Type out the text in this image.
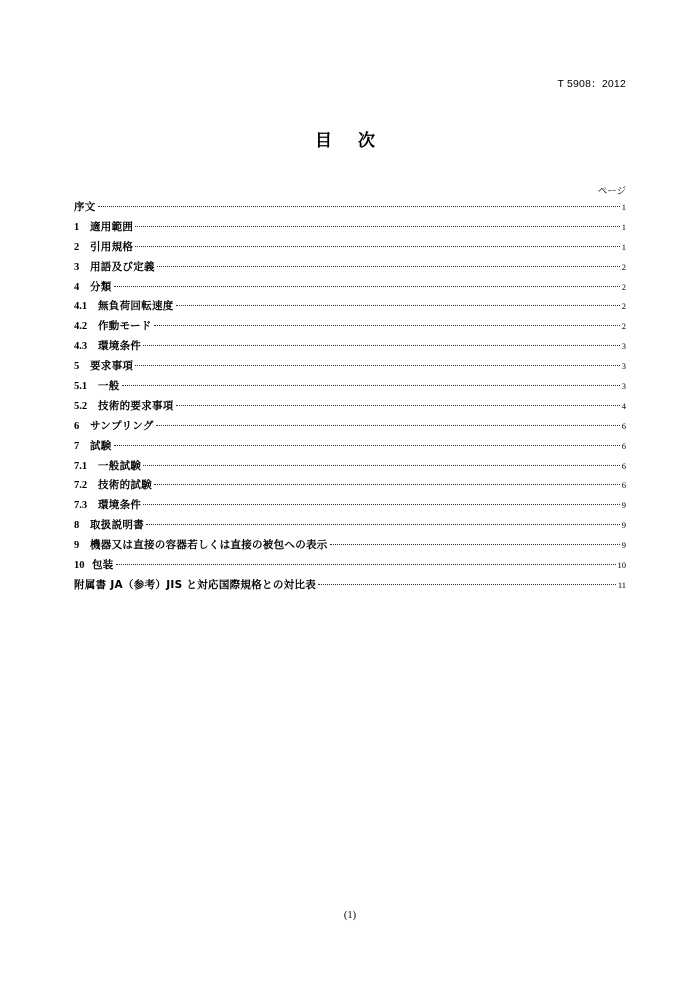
T 5908：2012
目 次
ページ
序文	1
1	適用範囲	1
2	引用規格	1
3	用語及び定義	2
4	分類	2
4.1	無負荷回転速度	2
4.2	作動モード	2
4.3	環境条件	3
5	要求事項	3
5.1	一般	3
5.2	技術的要求事項	4
6	サンプリング	6
7	試験	6
7.1	一般試験	6
7.2	技術的試験	6
7.3	環境条件	9
8	取扱説明書	9
9	機器又は直接の容器若しくは直接の被包への表示	9
10 包装	10
附属書 JA（参考）JIS と対応国際規格との対比表	11
(1)
